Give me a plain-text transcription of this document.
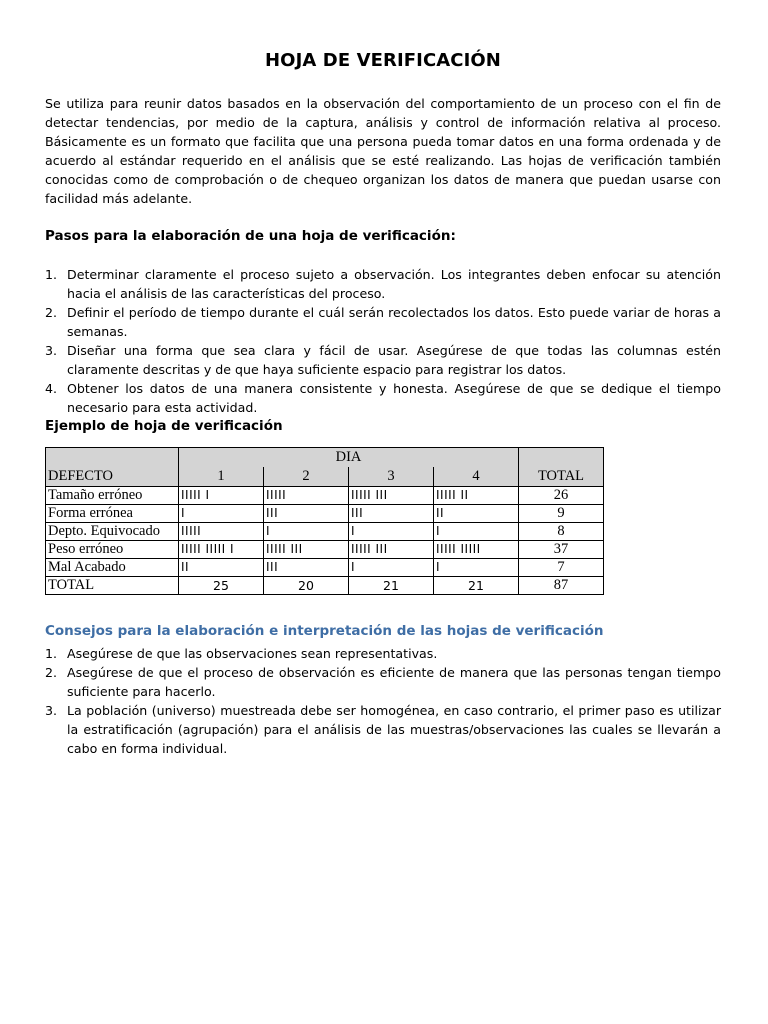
HOJA DE VERIFICACIÓN

Se utiliza para reunir datos basados en la observación del comportamiento de un proceso con el fin de detectar tendencias, por medio de la captura, análisis y control de información relativa al proceso. Básicamente es un formato que facilita que una persona pueda tomar datos en una forma ordenada y de acuerdo al estándar requerido en el análisis que se esté realizando. Las hojas de verificación también conocidas como de comprobación o de chequeo organizan los datos de manera que puedan usarse con facilidad más adelante.

Pasos para la elaboración de una hoja de verificación:
1. Determinar claramente el proceso sujeto a observación. Los integrantes deben enfocar su atención hacia el análisis de las características del proceso.
2. Definir el período de tiempo durante el cuál serán recolectados los datos. Esto puede variar de horas a semanas.
3. Diseñar una forma que sea clara y fácil de usar. Asegúrese de que todas las columnas estén claramente descritas y de que haya suficiente espacio para registrar los datos.
4. Obtener los datos de una manera consistente y honesta. Asegúrese de que se dedique el tiempo necesario para esta actividad.
Ejemplo de hoja de verificación
	DIA				
DEFECTO	1	2	3	4	TOTAL
Tamaño erróneo	IIIII I	IIIII	IIIII III	IIIII II	26
Forma errónea	I	III	III	II	9
Depto. Equivocado	IIIII	I	I	I	8
Peso erróneo	IIIII IIIII I	IIIII III	IIIII III	IIIII IIIII	37
Mal Acabado	II	III	I	I	7
TOTAL	25	20	21	21	87
Consejos para la elaboración e interpretación de las hojas de verificación
1. Asegúrese de que las observaciones sean representativas.
2. Asegúrese de que el proceso de observación es eficiente de manera que las personas tengan tiempo suficiente para hacerlo.
3. La población (universo) muestreada debe ser homogénea, en caso contrario, el primer paso es utilizar la estratificación (agrupación) para el análisis de las muestras/observaciones las cuales se llevarán a cabo en forma individual.
